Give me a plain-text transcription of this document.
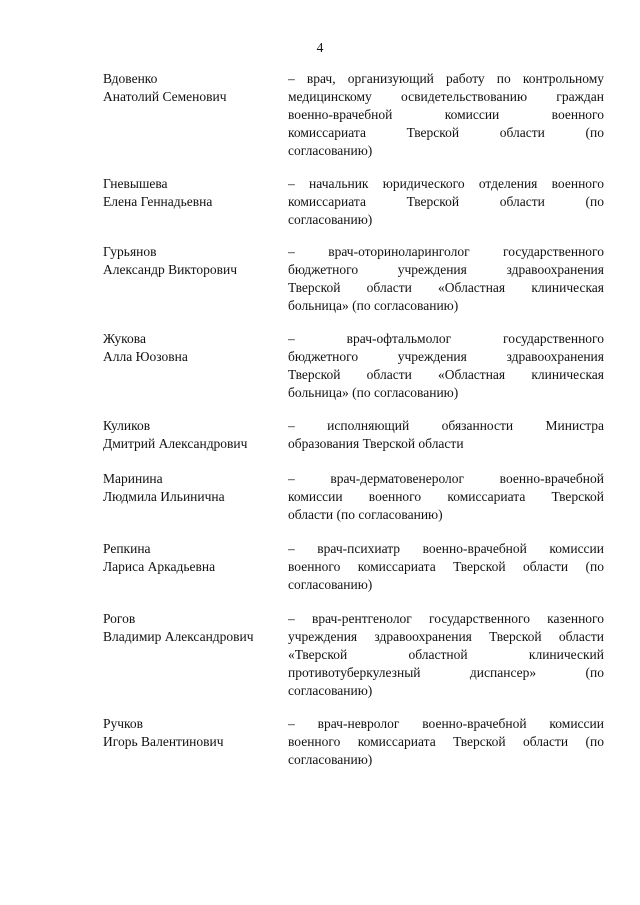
4
Вдовенко
Анатолий Семенович
– врач, организующий работу по контрольному
медицинскому освидетельствованию граждан
военно-врачебной комиссии военного
комиссариата Тверской области (по
согласованию)
Гневышева
Елена Геннадьевна
– начальник юридического отделения военного
комиссариата Тверской области (по
согласованию)
Гурьянов
Александр Викторович
– врач-оториноларинголог государственного
бюджетного учреждения здравоохранения
Тверской области «Областная клиническая
больница» (по согласованию)
Жукова
Алла Юозовна
– врач-офтальмолог государственного
бюджетного учреждения здравоохранения
Тверской области «Областная клиническая
больница» (по согласованию)
Куликов
Дмитрий Александрович
– исполняющий обязанности Министра
образования Тверской области
Маринина
Людмила Ильинична
– врач-дерматовенеролог военно-врачебной
комиссии военного комиссариата Тверской
области (по согласованию)
Репкина
Лариса Аркадьевна
– врач-психиатр военно-врачебной комиссии
военного комиссариата Тверской области (по
согласованию)
Рогов
Владимир Александрович
– врач-рентгенолог государственного казенного
учреждения здравоохранения Тверской области
«Тверской областной клинический
противотуберкулезный диспансер» (по
согласованию)
Ручков
Игорь Валентинович
– врач-невролог военно-врачебной комиссии
военного комиссариата Тверской области (по
согласованию)
